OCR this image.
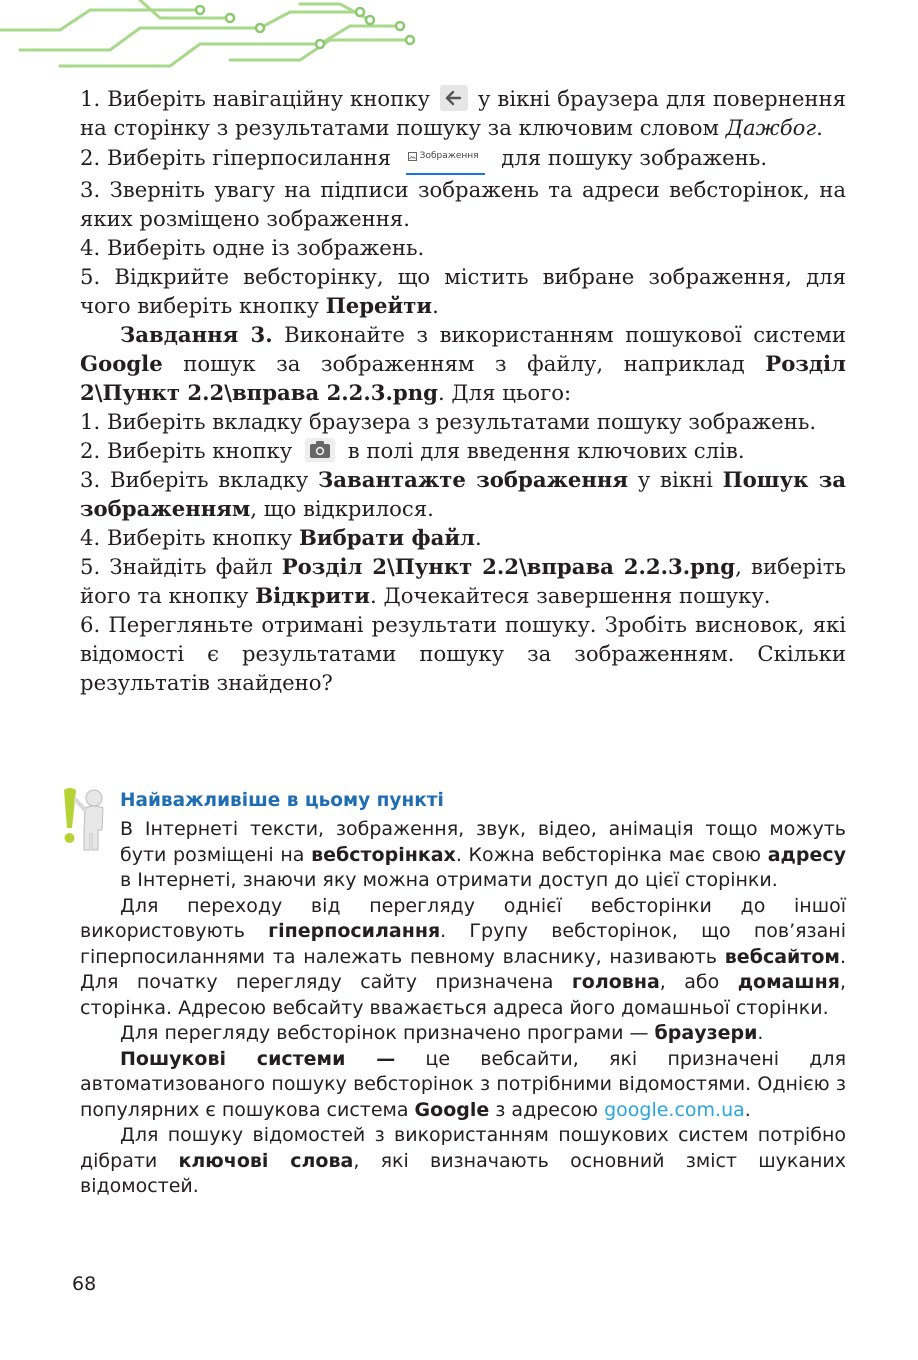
1. Виберіть навігаційну кнопку  у вікні браузера для повернення на сторінку з результатами пошуку за ключовим словом Дажбог.

2. Виберіть гіперпосилання Зображення для пошуку зображень.

3. Зверніть увагу на підписи зображень та адреси вебсторінок, на яких розміщено зображення.

4. Виберіть одне із зображень.

5. Відкрийте вебсторінку, що містить вибране зображення, для чого виберіть кнопку Перейти.

Завдання 3. Виконайте з використанням пошукової системи Google пошук за зображенням з файлу, наприклад Розділ 2\Пункт 2.2\вправа 2.2.3.png. Для цього:

1. Виберіть вкладку браузера з результатами пошуку зображень.

2. Виберіть кнопку  в полі для введення ключових слів.

3. Виберіть вкладку Завантажте зображення у вікні Пошук за зображенням, що відкрилося.

4. Виберіть кнопку Вибрати файл.

5. Знайдіть файл Розділ 2\Пункт 2.2\вправа 2.2.3.png, виберіть його та кнопку Відкрити. Дочекайтеся завершення пошуку.

6. Перегляньте отримані результати пошуку. Зробіть висновок, які відомості є результатами пошуку за зображенням. Скільки результатів знайдено?

Найважливіше в цьому пункті

В Інтернеті тексти, зображення, звук, відео, анімація тощо можуть бути розміщені на вебсторінках. Кожна вебсторінка має свою адресу в Інтернеті, знаючи яку можна отримати доступ до цієї сторінки.

Для переходу від перегляду однієї вебсторінки до іншої використовують гіперпосилання. Групу вебсторінок, що пов’язані гіперпосиланнями та належать певному власнику, називають вебсайтом. Для початку перегляду сайту призначена головна, або домашня, сторінка. Адресою вебсайту вважається адреса його домашньої сторінки.

Для перегляду вебсторінок призначено програми — браузери.

Пошукові системи — це вебсайти, які призначені для автоматизованого пошуку вебсторінок з потрібними відомостями. Однією з популярних є пошукова система Google з адресою google.com.ua.

Для пошуку відомостей з використанням пошукових систем потрібно дібрати ключові слова, які визначають основний зміст шуканих відомостей.

68
